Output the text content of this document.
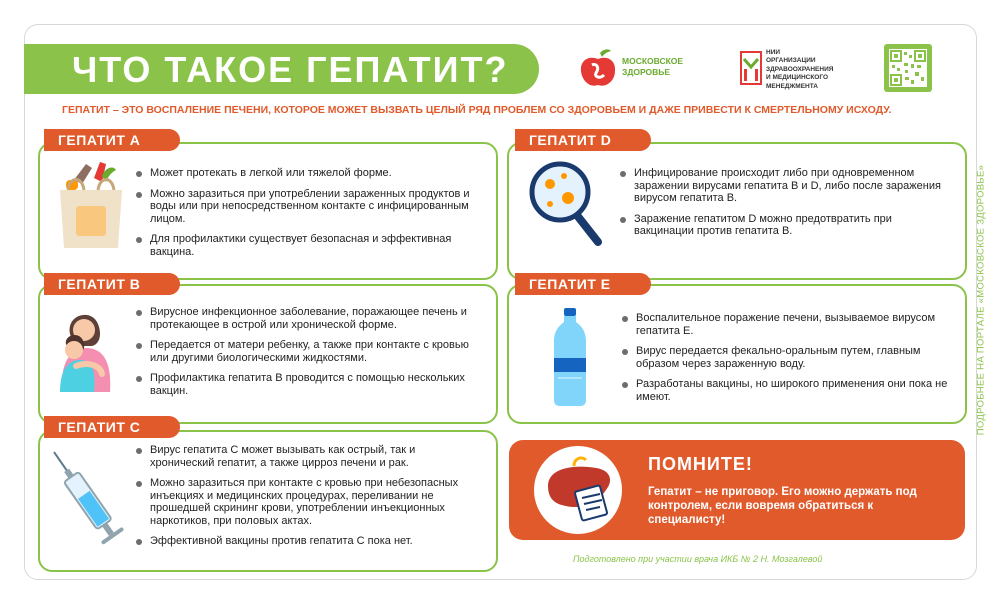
ЧТО ТАКОЕ ГЕПАТИТ?	МОСКОВСКОЕ
ЗДОРОВЬЕ
НИИ
ОРГАНИЗАЦИИ
ЗДРАВООХРАНЕНИЯ
И МЕДИЦИНСКОГО
МЕНЕДЖМЕНТА
ГЕПАТИТ – ЭТО ВОСПАЛЕНИЕ ПЕЧЕНИ, КОТОРОЕ МОЖЕТ ВЫЗВАТЬ ЦЕЛЫЙ РЯД ПРОБЛЕМ СО ЗДОРОВЬЕМ И ДАЖЕ ПРИВЕСТИ К СМЕРТЕЛЬНОМУ ИСХОДУ.
ПОДРОБНЕЕ НА ПОРТАЛЕ «МОСКОВСКОЕ ЗДОРОВЬЕ»
ГЕПАТИТ А
Может протекать в легкой или тяжелой форме.
Можно заразиться при употреблении зараженных продуктов и воды или при непосредственном контакте с инфицированным лицом.
Для профилактики существует безопасная и эффективная вакцина.
ГЕПАТИТ В
Вирусное инфекционное заболевание, поражающее печень и протекающее в острой или хронической форме.
Передается от матери ребенку, а также при контакте с кровью или другими биологическими жидкостями.
Профилактика гепатита В проводится с помощью нескольких вакцин.
ГЕПАТИТ С
Вирус гепатита С может вызывать как острый, так и хронический гепатит, а также цирроз печени и рак.
Можно заразиться при контакте с кровью при небезопасных инъекциях и медицинских процедурах, переливании не прошедшей скрининг крови, употреблении инъекционных наркотиков, при половых актах.
Эффективной вакцины против гепатита С пока нет.
ГЕПАТИТ D
Инфицирование происходит либо при одновременном заражении вирусами гепатита В и D, либо после заражения вирусом гепатита В.
Заражение гепатитом D можно предотвратить при вакцинации против гепатита В.
ГЕПАТИТ Е
Воспалительное поражение печени, вызываемое вирусом гепатита Е.
Вирус передается фекально-оральным путем, главным образом через зараженную воду.
Разработаны вакцины, но широкого применения они пока не имеют.
ПОМНИТЕ!
Гепатит – не приговор. Его можно держать под контролем, если вовремя обратиться к специалисту!
Подготовлено при участии врача ИКБ № 2 Н. Мозгалевой
